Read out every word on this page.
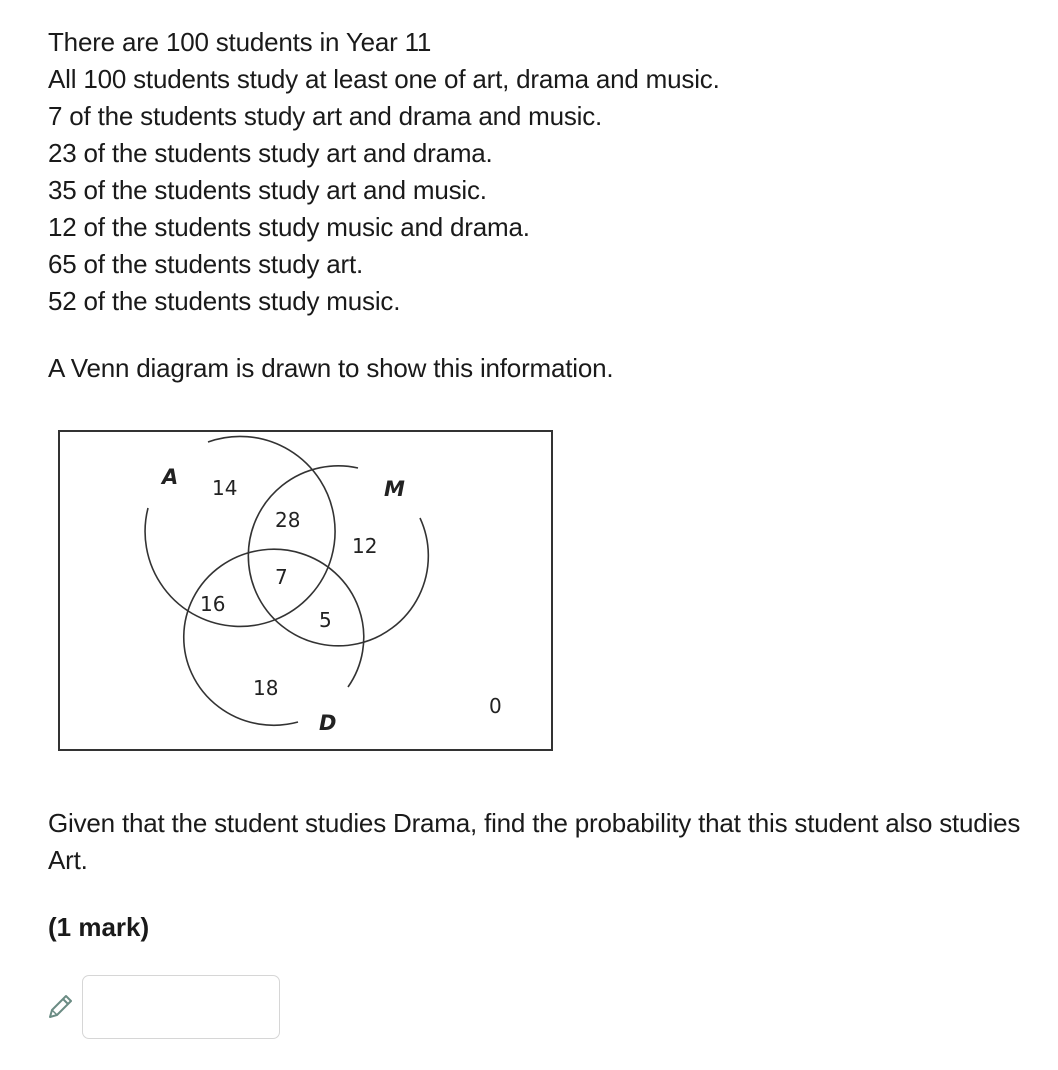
There are 100 students in Year 11
All 100 students study at least one of art, drama and music.
7 of the students study art and drama and music.
23 of the students study art and drama.
35 of the students study art and music.
12 of the students study music and drama.
65 of the students study art.
52 of the students study music.
A Venn diagram is drawn to show this information.
A	M
D
14
28
12
7
16
5
18
0
Given that the student studies Drama, find the probability that this student also studies Art.
(1 mark)
